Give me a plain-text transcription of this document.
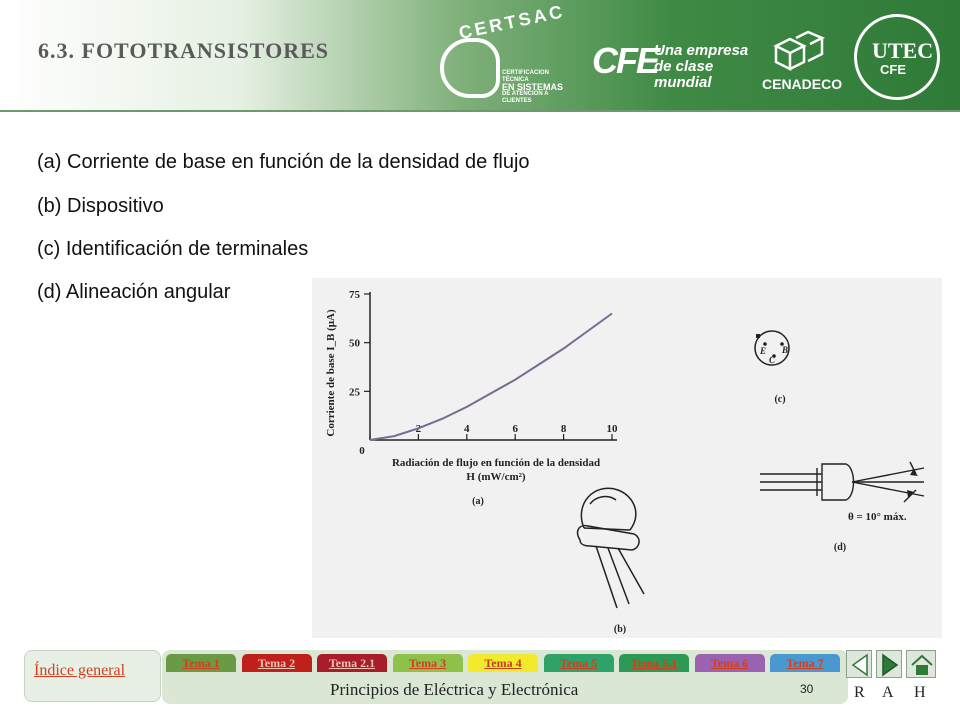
6.3. FOTOTRANSISTORES
CERTSAC
CERTIFICACION TÉCNICA
EN SISTEMAS
DE ATENCIÓN A CLIENTES
CFE
Una empresa
de clase mundial	CENADECO
UTEC
CFE
(a) Corriente de base en función de la densidad de flujo
(b) Dispositivo
(c) Identificación de terminales
(d) Alineación angular
0
2	4	6	8	10
25
50
75
Corriente de base I_B (μA)
Radiación de flujo en función de la densidad
H (mW/cm²)
(a)
(b)
E B
C
(c)
θ = 10° máx.
(d)
Índice general	Tema 1	Tema 2	Tema 2.1	Tema 3	Tema 4	Tema 5	Tema 5.1	Tema 6	Tema 7
Principios de Eléctrica y Electrónica	30	R A H
